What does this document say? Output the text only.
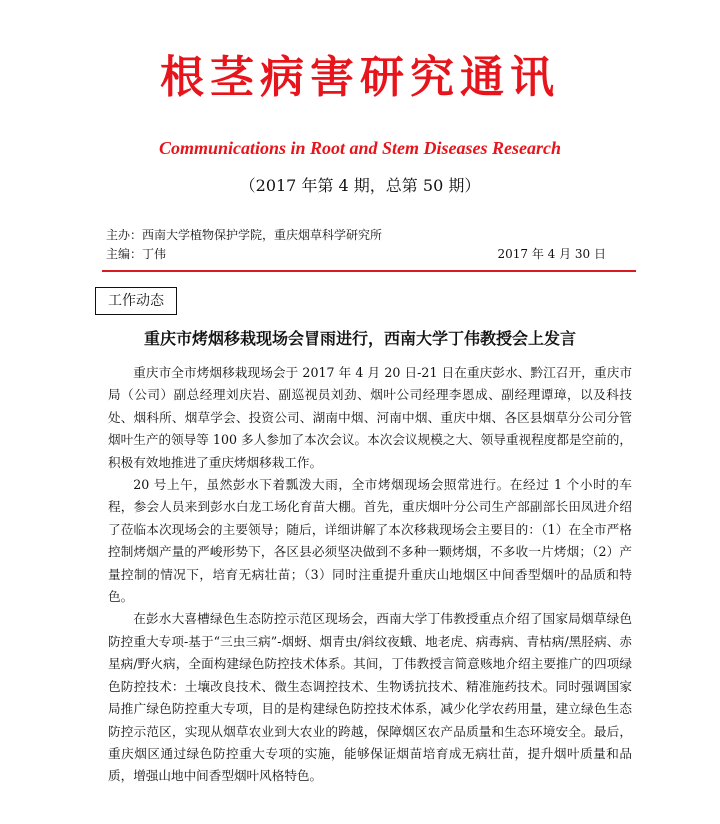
根茎病害研究通讯
Communications in Root and Stem Diseases Research
（2017 年第 4 期，总第 50 期）
主办：西南大学植物保护学院，重庆烟草科学研究所
主编：丁伟	2017 年 4 月 30 日
工作动态
重庆市烤烟移栽现场会冒雨进行，西南大学丁伟教授会上发言

重庆市全市烤烟移栽现场会于 2017 年 4 月 20 日-21 日在重庆彭水、黔江召开，重庆市局（公司）副总经理刘庆岩、副巡视员刘劲、烟叶公司经理李恩成、副经理谭璋，以及科技处、烟科所、烟草学会、投资公司、湖南中烟、河南中烟、重庆中烟、各区县烟草分公司分管烟叶生产的领导等 100 多人参加了本次会议。本次会议规模之大、领导重视程度都是空前的，积极有效地推进了重庆烤烟移栽工作。

20 号上午，虽然彭水下着瓢泼大雨，全市烤烟现场会照常进行。在经过 1 个小时的车程，参会人员来到彭水白龙工场化育苗大棚。首先，重庆烟叶分公司生产部副部长田凤进介绍了莅临本次现场会的主要领导；随后，详细讲解了本次移栽现场会主要目的：（1）在全市严格控制烤烟产量的严峻形势下，各区县必须坚决做到不多种一颗烤烟，不多收一片烤烟；（2）产量控制的情况下，培育无病壮苗；（3）同时注重提升重庆山地烟区中间香型烟叶的品质和特色。

在彭水大喜槽绿色生态防控示范区现场会，西南大学丁伟教授重点介绍了国家局烟草绿色防控重大专项-基于“三虫三病”-烟蚜、烟青虫/斜纹夜蛾、地老虎、病毒病、青枯病/黑胫病、赤星病/野火病，全面构建绿色防控技术体系。其间，丁伟教授言简意赅地介绍主要推广的四项绿色防控技术：土壤改良技术、微生态调控技术、生物诱抗技术、精准施药技术。同时强调国家局推广绿色防控重大专项，目的是构建绿色防控技术体系，减少化学农药用量，建立绿色生态防控示范区，实现从烟草农业到大农业的跨越，保障烟区农产品质量和生态环境安全。最后，重庆烟区通过绿色防控重大专项的实施，能够保证烟苗培育成无病壮苗，提升烟叶质量和品质，增强山地中间香型烟叶风格特色。
